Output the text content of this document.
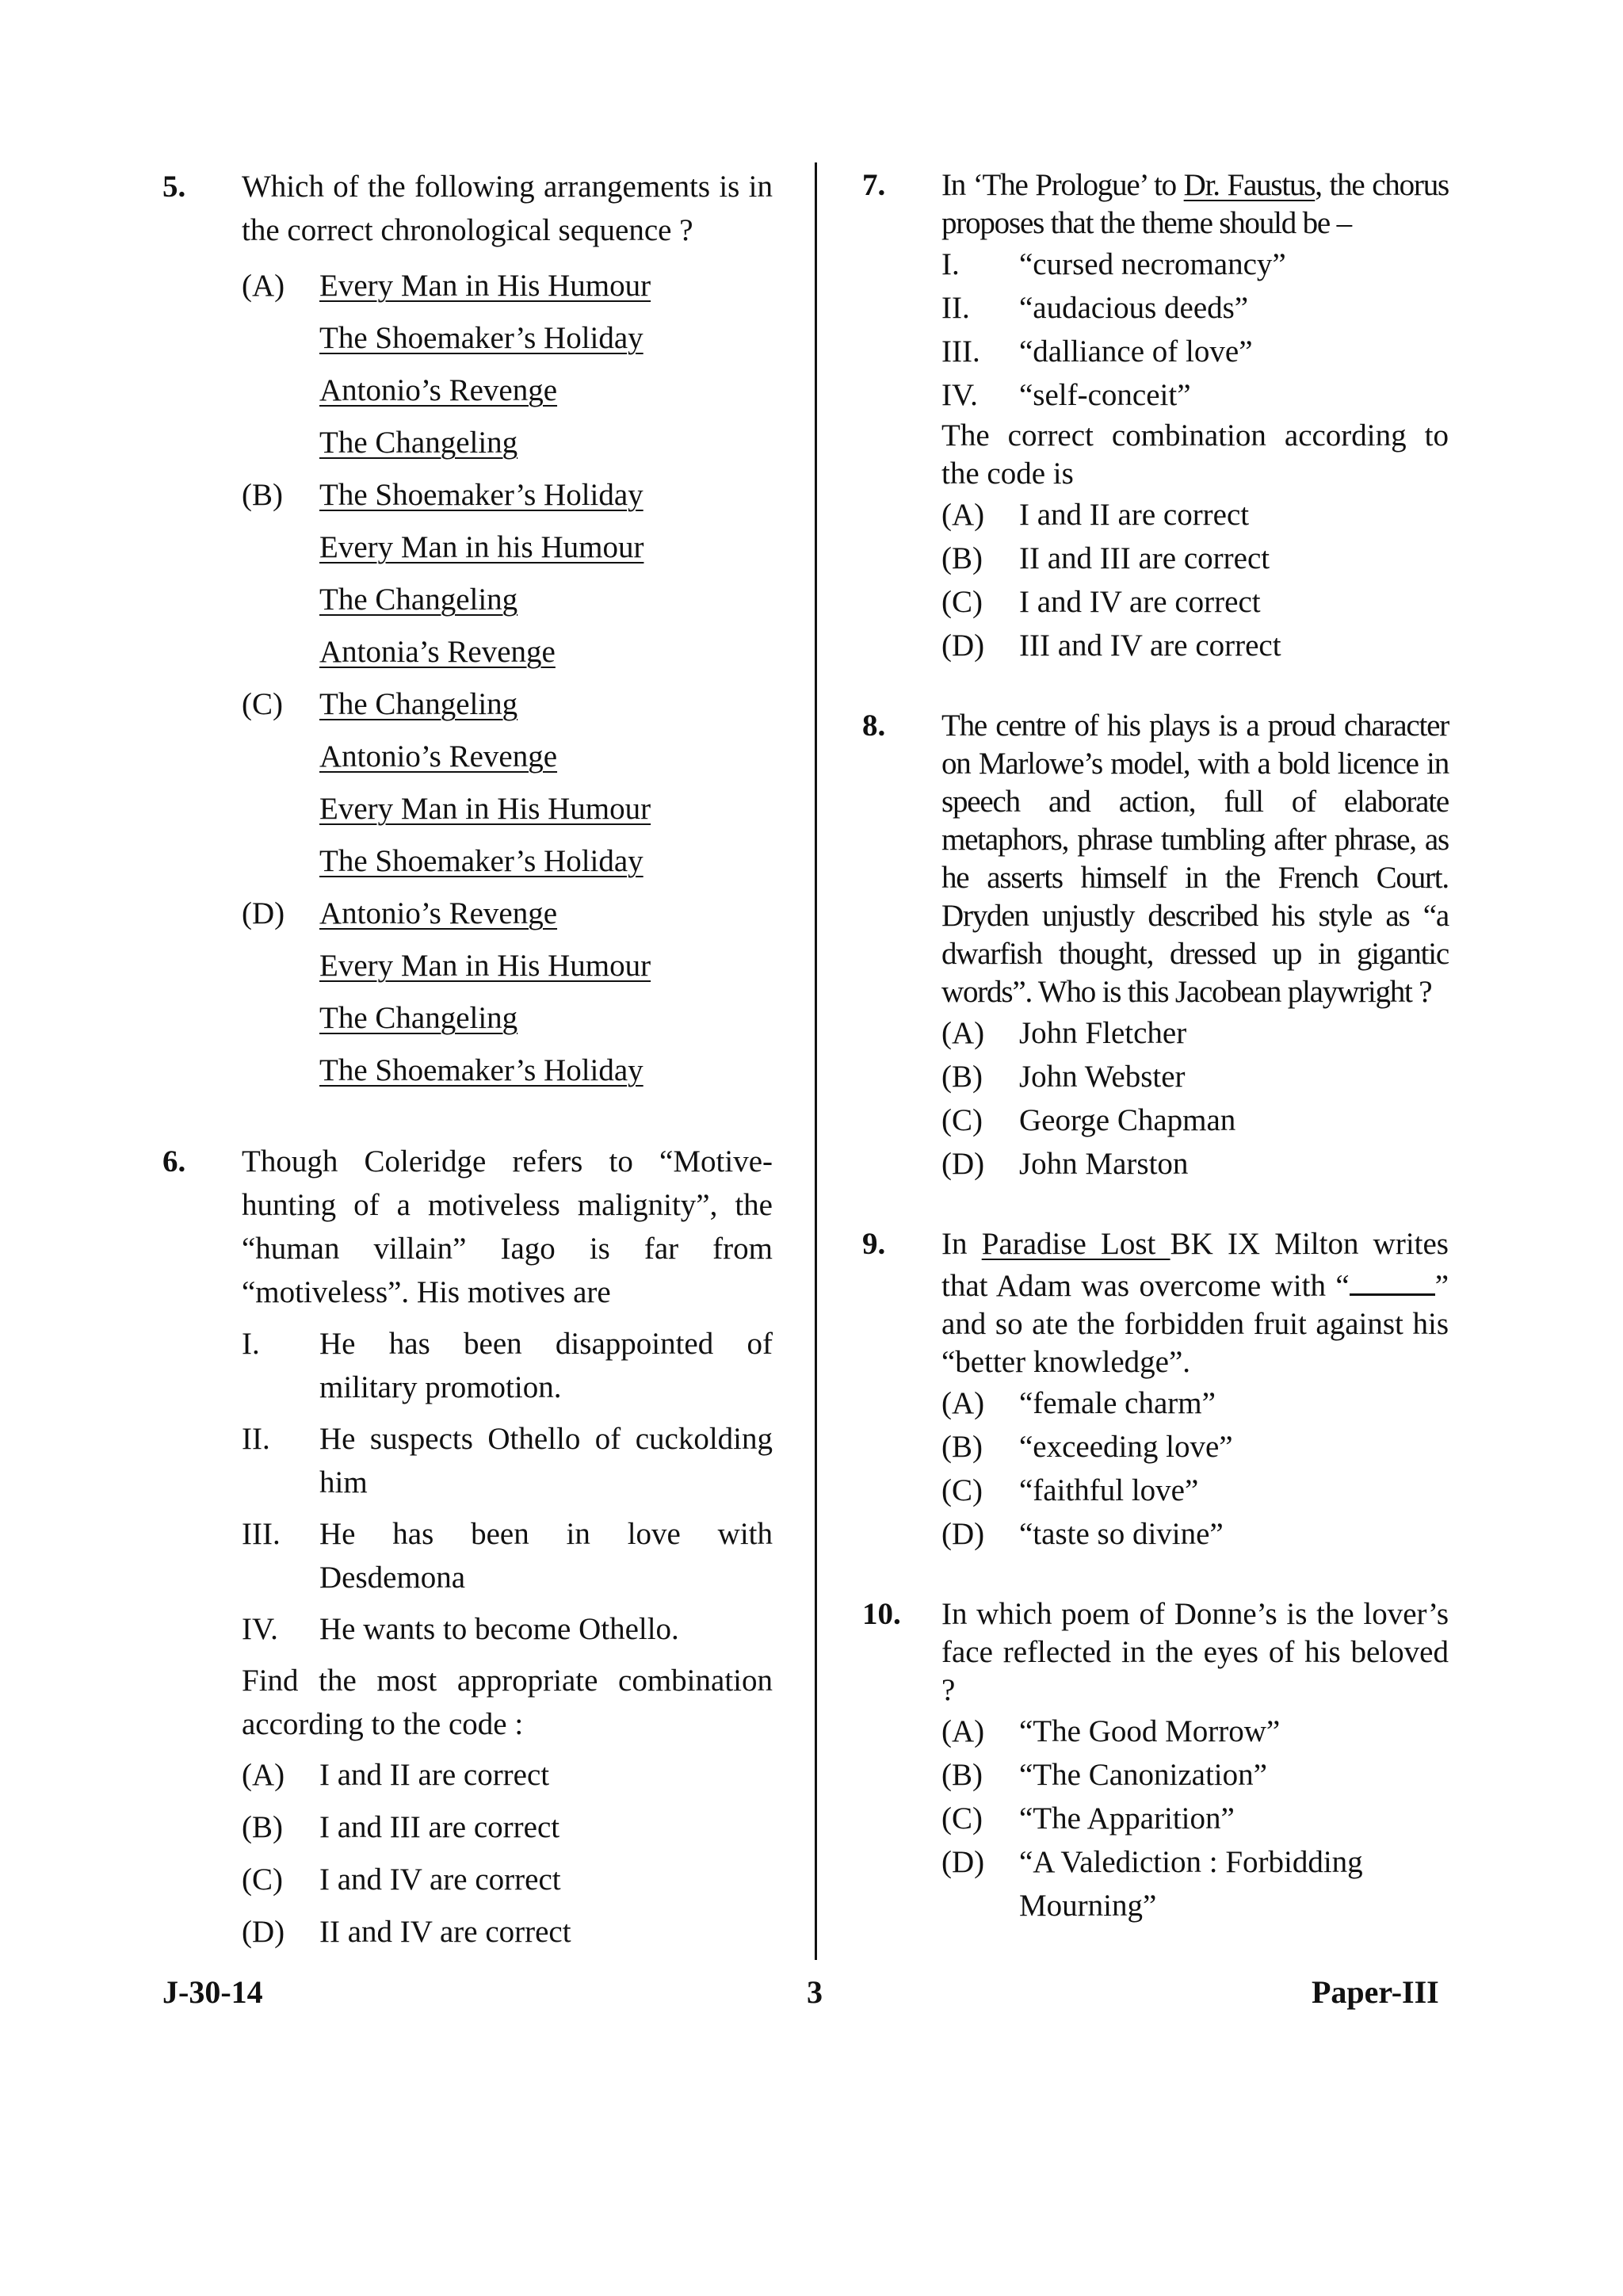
5. Which of the following arrangements is in the correct chronological sequence ?
(A) Every Man in His Humour
The Shoemaker’s Holiday
Antonio’s Revenge
The Changeling
(B) The Shoemaker’s Holiday
Every Man in his Humour
The Changeling
Antonia’s Revenge
(C) The Changeling
Antonio’s Revenge
Every Man in His Humour
The Shoemaker’s Holiday
(D) Antonio’s Revenge
Every Man in His Humour
The Changeling
The Shoemaker’s Holiday
6. Though Coleridge refers to “Motive-hunting of a motiveless malignity”, the “human villain” Iago is far from “motiveless”. His motives are
I. He has been disappointed of military promotion.
II. He suspects Othello of cuckolding him
III. He has been in love with Desdemona
IV. He wants to become Othello.
Find the most appropriate combination according to the code :
(A) I and II are correct
(B) I and III are correct
(C) I and IV are correct
(D) II and IV are correct
7. In ‘The Prologue’ to Dr. Faustus, the chorus proposes that the theme should be –
I. “cursed necromancy”
II. “audacious deeds”
III. “dalliance of love”
IV. “self-conceit”
The correct combination according to the code is
(A) I and II are correct
(B) II and III are correct
(C) I and IV are correct
(D) III and IV are correct
8. The centre of his plays is a proud character on Marlowe’s model, with a bold licence in speech and action, full of elaborate metaphors, phrase tumbling after phrase, as he asserts himself in the French Court. Dryden unjustly described his style as “a dwarfish thought, dressed up in gigantic words”. Who is this Jacobean playwright ?
(A) John Fletcher
(B) John Webster
(C) George Chapman
(D) John Marston
9. In Paradise Lost BK IX Milton writes that Adam was overcome with “	” and so ate the forbidden fruit against his “better knowledge”.
(A) “female charm”
(B) “exceeding love”
(C) “faithful love”
(D) “taste so divine”
10. In which poem of Donne’s is the lover’s face reflected in the eyes of his beloved ?
(A) “The Good Morrow”
(B) “The Canonization”
(C) “The Apparition”
(D) “A Valediction : Forbidding Mourning”
J-30-14	3	Paper-III
